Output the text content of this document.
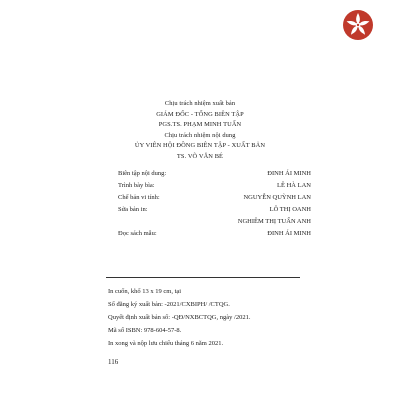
Chịu trách nhiệm xuất bản
GIÁM ĐỐC - TỔNG BIÊN TẬP
PGS.TS. PHẠM MINH TUẤN
Chịu trách nhiệm nội dung
ỦY VIÊN HỘI ĐỒNG BIÊN TẬP - XUẤT BẢN
TS. VÕ VĂN BÉ
Biên tập nội dung:	ĐINH ÁI MINH
Trình bày bìa:	LÊ HÀ LAN
Chế bản vi tính:	NGUYỄN QUỲNH LAN
Sửa bản in:	LÔ THỊ OANH
NGHIÊM THỊ TUẤN ANH
Đọc sách mẫu:	ĐINH ÁI MINH
In cuốn, khổ 13 x 19 cm, tại
Số đăng ký xuất bản: -2021/CXBIPH/ /CTQG.
Quyết định xuất bản số: -QĐ/NXBCTQG, ngày /2021.
Mã số ISBN: 978-604-57-8.
In xong và nộp lưu chiểu tháng 6 năm 2021.
116
